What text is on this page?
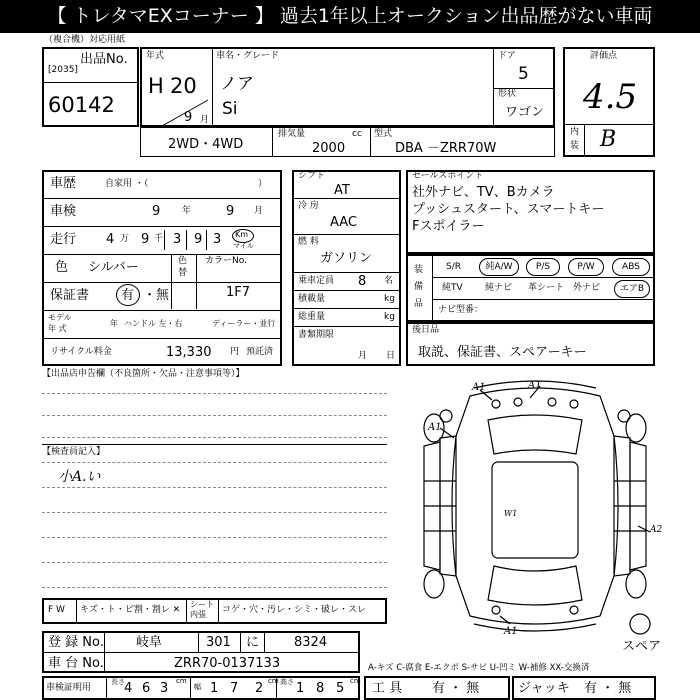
【 トレタマEXコーナー 】 過去1年以上オークション出品歴がない車両
（複合機）対応用紙
出品No.
[2035]
60142
年式
H 20
9 月
車名・グレード
ノア
Si
ドア
5
形状
ワゴン
評価点
4.5
内
装 B
2WD・4WD
排気量	cc
2000
型式
DBA －ZRR70W
車歴	自家用 ・（	）
車検	9 年	9 月
走行 4 万 9 千 3 9 3 Km
マイル
色 シルバー	色
替
カラーNo.
1F7
保証書 有 ・ 無
モデル
年 式
年 ハンドル 左・右	ディーラー・並行
リサイクル料金	13,330 円 預託済
シフト
AT
冷 房
AAC
燃 料
ガソリン
乗車定員 8 名
積載量	kg
総重量	kg
書類期限
月 日
セールスポイント
社外ナビ、TV、Bカメラ
プッシュスタート、スマートキー
Fスポイラー
装
備
品
S/R	純A/W	P/S	P/W	ABS
純TV 純ナビ 革シート 外ナビ	エアB
ナビ型番：
後日品
取説、保証書、スペアーキー
【出品店申告欄（不良箇所・欠品・注意事項等）】
【検査員記入】
小A.い
A1	A1
A1
A2
W1
A1
スペア
F W キズ・ト・ビ割・割レ ✕
シート
内張 コゲ・穴・汚レ・シミ・破レ・スレ
登 録 No. 岐阜	301 に	8324
車 台 No.	ZRR70-0137133
車検証明用
長さ 4 6 3 cm
幅 1 7 2 cm 高さ 1 8 5 cm
A-キズ C-腐食 E-エクボ S-サビ U-凹ミ W-補修 XX-交換済
工 具 有 ・ 無	ジャッキ 有 ・ 無
